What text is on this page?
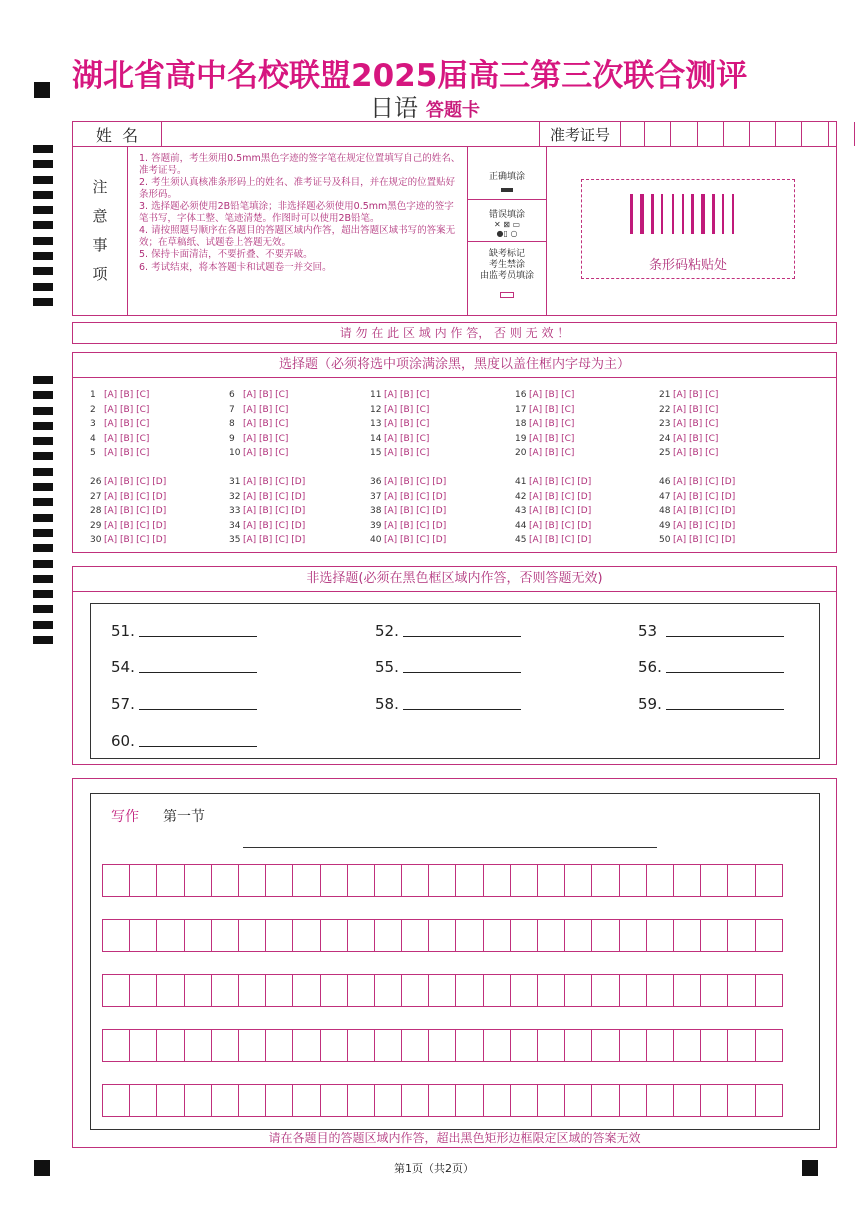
湖北省高中名校联盟2025届高三第三次联合测评
日语 答题卡
姓  名	准考证号
注
意
事
项
1. 答题前，考生须用0.5mm黑色字迹的签字笔在规定位置填写自己的姓名、准考证号。
2. 考生须认真核准条形码上的姓名、准考证号及科目，并在规定的位置贴好条形码。
3. 选择题必须使用2B铅笔填涂；非选择题必须使用0.5mm黑色字迹的签字笔书写，字体工整、笔迹清楚。作图时可以使用2B铅笔。
4. 请按照题号顺序在各题目的答题区域内作答，超出答题区域书写的答案无效；在草稿纸、试题卷上答题无效。
5. 保持卡面清洁，不要折叠、不要弄破。
6. 考试结束，将本答题卡和试题卷一并交回。
正确填涂
错误填涂
✕ ⊠ ▭
●▯ ○
缺考标记
考生禁涂
由监考员填涂
条形码粘贴处
请 勿 在 此 区 域 内 作 答， 否 则 无 效 ！
选择题（必须将选中项涂满涂黑，黑度以盖住框内字母为主）
1 [A] [B] [C]
2 [A] [B] [C]
3 [A] [B] [C]
4 [A] [B] [C]
5 [A] [B] [C]
6 [A] [B] [C]
7 [A] [B] [C]
8 [A] [B] [C]
9 [A] [B] [C]
10 [A] [B] [C]
11 [A] [B] [C]
12 [A] [B] [C]
13 [A] [B] [C]
14 [A] [B] [C]
15 [A] [B] [C]
16 [A] [B] [C]
17 [A] [B] [C]
18 [A] [B] [C]
19 [A] [B] [C]
20 [A] [B] [C]
21 [A] [B] [C]
22 [A] [B] [C]
23 [A] [B] [C]
24 [A] [B] [C]
25 [A] [B] [C]
26 [A] [B] [C] [D]
27 [A] [B] [C] [D]
28 [A] [B] [C] [D]
29 [A] [B] [C] [D]
30 [A] [B] [C] [D]
31 [A] [B] [C] [D]
32 [A] [B] [C] [D]
33 [A] [B] [C] [D]
34 [A] [B] [C] [D]
35 [A] [B] [C] [D]
36 [A] [B] [C] [D]
37 [A] [B] [C] [D]
38 [A] [B] [C] [D]
39 [A] [B] [C] [D]
40 [A] [B] [C] [D]
41 [A] [B] [C] [D]
42 [A] [B] [C] [D]
43 [A] [B] [C] [D]
44 [A] [B] [C] [D]
45 [A] [B] [C] [D]
46 [A] [B] [C] [D]
47 [A] [B] [C] [D]
48 [A] [B] [C] [D]
49 [A] [B] [C] [D]
50 [A] [B] [C] [D]
非选择题(必须在黑色框区域内作答，否则答题无效)
51.	52.	53
54.	55.	56.
57.	58.	59.
60.
写作 第一节
请在各题目的答题区域内作答，超出黑色矩形边框限定区域的答案无效
第1页（共2页）
